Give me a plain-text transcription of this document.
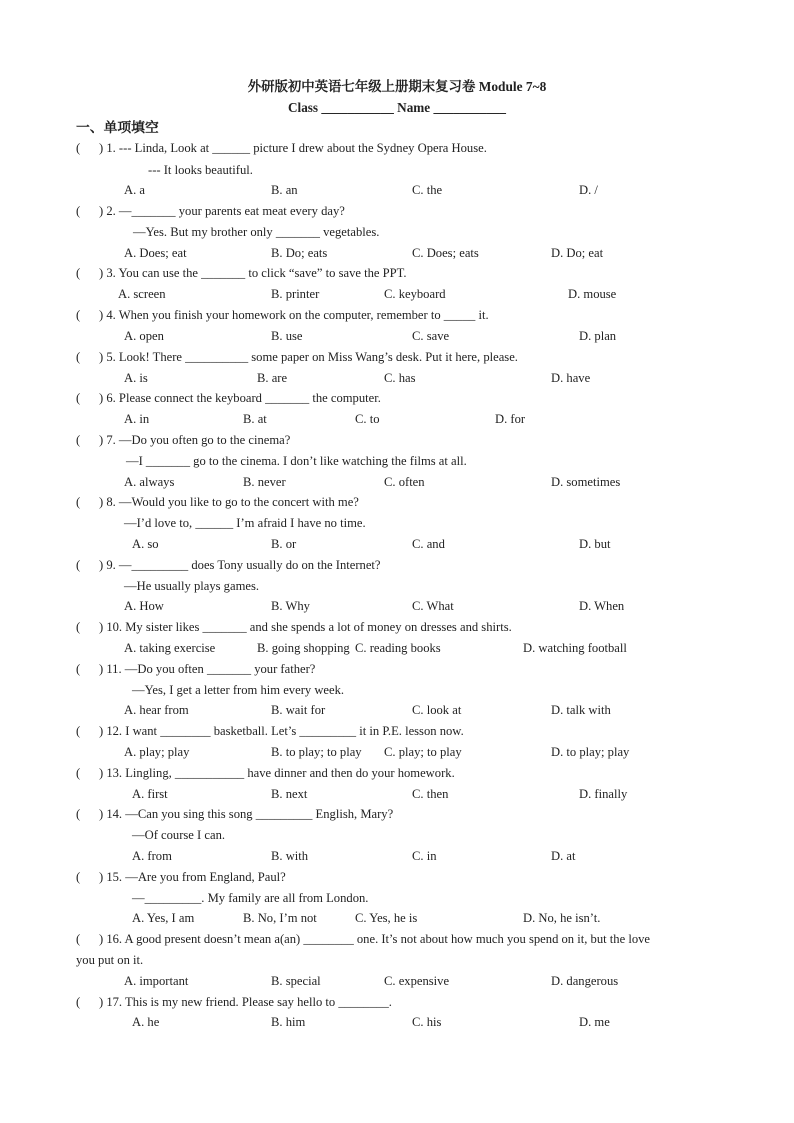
外研版初中英语七年级上册期末复习卷 Module 7~8
Class ___________ Name ___________
一、单项填空
( ) 1. --- Linda, Look at ______ picture I drew about the Sydney Opera House.
--- It looks beautiful.
A. a	B. an	C. the	D. /
( ) 2. —_______ your parents eat meat every day?
—Yes. But my brother only _______ vegetables.
A. Does; eat	B. Do; eats	C. Does; eats	D. Do; eat
( ) 3. You can use the _______ to click “save” to save the PPT.
A. screen	B. printer	C. keyboard	D. mouse
( ) 4. When you finish your homework on the computer, remember to _____ it.
A. open	B. use	C. save	D. plan
( ) 5. Look! There __________ some paper on Miss Wang’s desk. Put it here, please.
A. is	B. are	C. has	D. have
( ) 6. Please connect the keyboard _______ the computer.
A. in	B. at	C. to	D. for
( ) 7. —Do you often go to the cinema?
—I _______ go to the cinema. I don’t like watching the films at all.
A. always	B. never	C. often	D. sometimes
( ) 8. —Would you like to go to the concert with me?
—I’d love to, ______ I’m afraid I have no time.
A. so	B. or	C. and	D. but
( ) 9. —_________ does Tony usually do on the Internet?
—He usually plays games.
A. How	B. Why	C. What	D. When
( ) 10. My sister likes _______ and she spends a lot of money on dresses and shirts.
A. taking exercise	B. going shopping C. reading books	D. watching football
( ) 11. —Do you often _______ your father?
—Yes, I get a letter from him every week.
A. hear from	B. wait for	C. look at	D. talk with
( ) 12. I want ________ basketball. Let’s _________ it in P.E. lesson now.
A. play; play	B. to play; to play C. play; to play	D. to play; play
( ) 13. Lingling, ___________ have dinner and then do your homework.
A. first	B. next	C. then	D. finally
( ) 14. —Can you sing this song _________ English, Mary?
—Of course I can.
A. from	B. with	C. in	D. at
( ) 15. —Are you from England, Paul?
—_________. My family are all from London.
A. Yes, I am	B. No, I’m not	C. Yes, he is	D. No, he isn’t.
( ) 16. A good present doesn’t mean a(an) ________ one. It’s not about how much you spend on it, but the love
you put on it.
A. important	B. special	C. expensive	D. dangerous
( ) 17. This is my new friend. Please say hello to ________.
A. he	B. him	C. his	D. me
